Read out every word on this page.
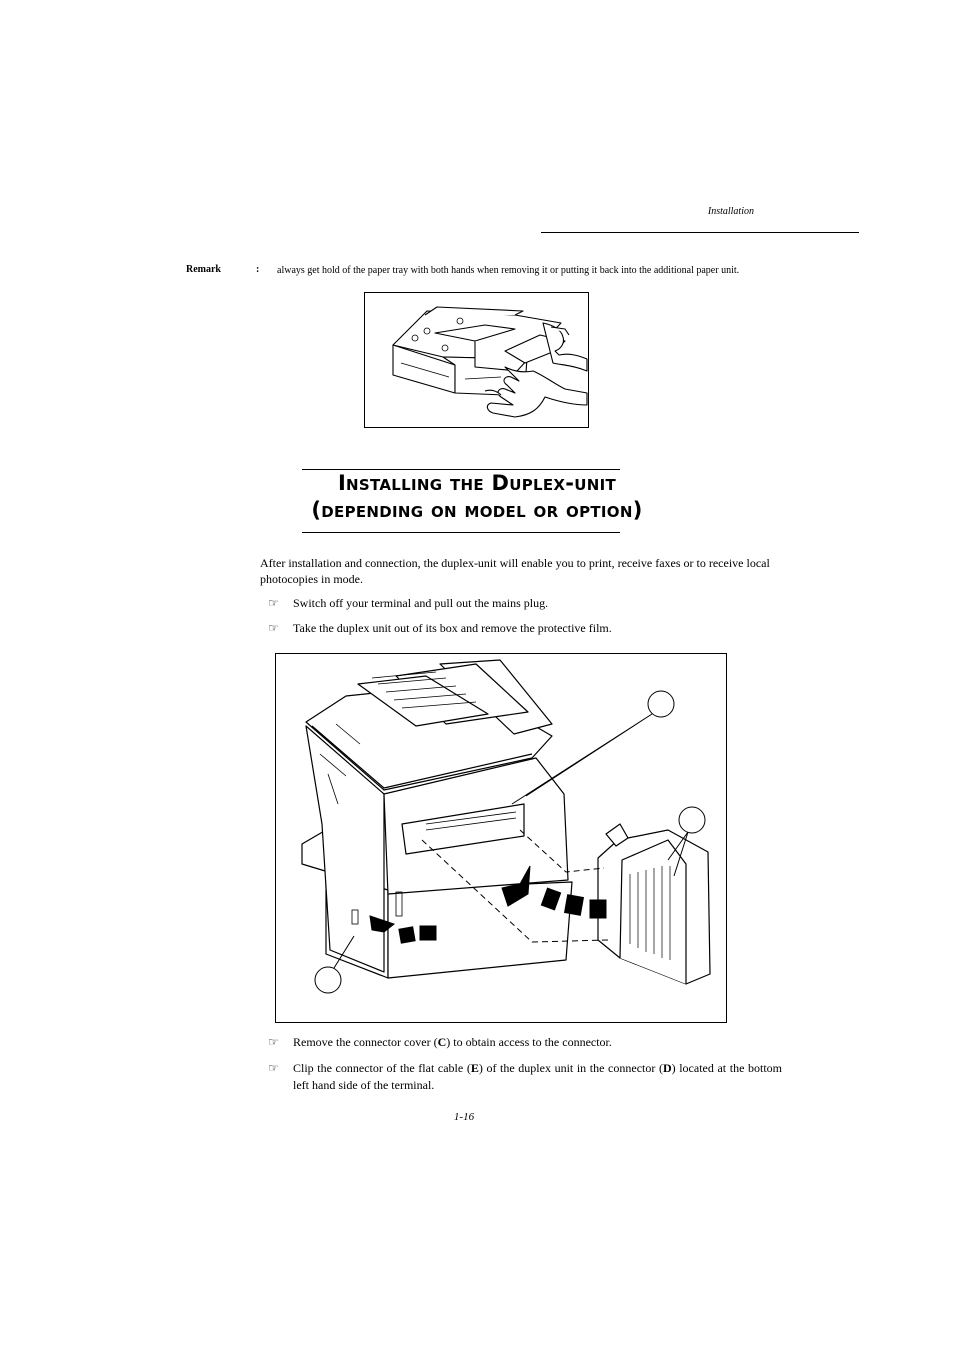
Installation
Remark	: always get hold of the paper tray with both hands when removing it or putting it back into the additional paper unit.
Installing the Duplex-unit
(depending on model or option)
After installation and connection, the duplex-unit will enable you to print, receive faxes or to receive local photocopies in mode.
☞ Switch off your terminal and pull out the mains plug.
☞ Take the duplex unit out of its box and remove the protective film.
☞ Remove the connector cover (C) to obtain access to the connector.
☞ Clip the connector of the flat cable (E) of the duplex unit in the connector (D) located at the bottom left hand side of the terminal.
1-16
